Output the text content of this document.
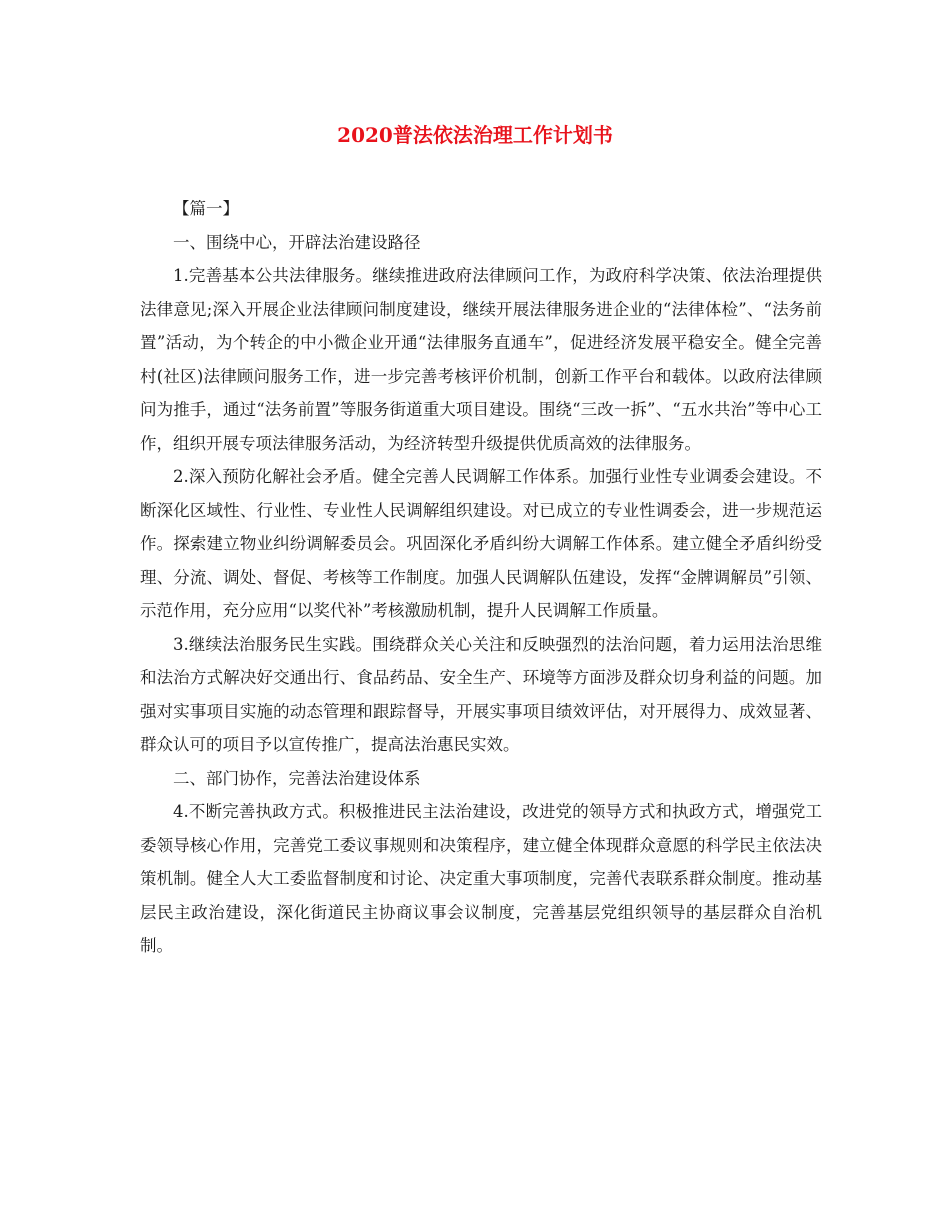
2020普法依法治理工作计划书

【篇一】

一、围绕中心，开辟法治建设路径

1.完善基本公共法律服务。继续推进政府法律顾问工作，为政府科学决策、依法治理提供法律意见;深入开展企业法律顾问制度建设，继续开展法律服务进企业的“法律体检”、“法务前置”活动，为个转企的中小微企业开通“法律服务直通车”，促进经济发展平稳安全。健全完善村(社区)法律顾问服务工作，进一步完善考核评价机制，创新工作平台和载体。以政府法律顾问为推手，通过“法务前置”等服务街道重大项目建设。围绕“三改一拆”、“五水共治”等中心工作，组织开展专项法律服务活动，为经济转型升级提供优质高效的法律服务。

2.深入预防化解社会矛盾。健全完善人民调解工作体系。加强行业性专业调委会建设。不断深化区域性、行业性、专业性人民调解组织建设。对已成立的专业性调委会，进一步规范运作。探索建立物业纠纷调解委员会。巩固深化矛盾纠纷大调解工作体系。建立健全矛盾纠纷受理、分流、调处、督促、考核等工作制度。加强人民调解队伍建设，发挥“金牌调解员”引领、示范作用，充分应用“以奖代补”考核激励机制，提升人民调解工作质量。

3.继续法治服务民生实践。围绕群众关心关注和反映强烈的法治问题，着力运用法治思维和法治方式解决好交通出行、食品药品、安全生产、环境等方面涉及群众切身利益的问题。加强对实事项目实施的动态管理和跟踪督导，开展实事项目绩效评估，对开展得力、成效显著、群众认可的项目予以宣传推广，提高法治惠民实效。

二、部门协作，完善法治建设体系

4.不断完善执政方式。积极推进民主法治建设，改进党的领导方式和执政方式，增强党工委领导核心作用，完善党工委议事规则和决策程序，建立健全体现群众意愿的科学民主依法决策机制。健全人大工委监督制度和讨论、决定重大事项制度，完善代表联系群众制度。推动基层民主政治建设，深化街道民主协商议事会议制度，完善基层党组织领导的基层群众自治机制。
